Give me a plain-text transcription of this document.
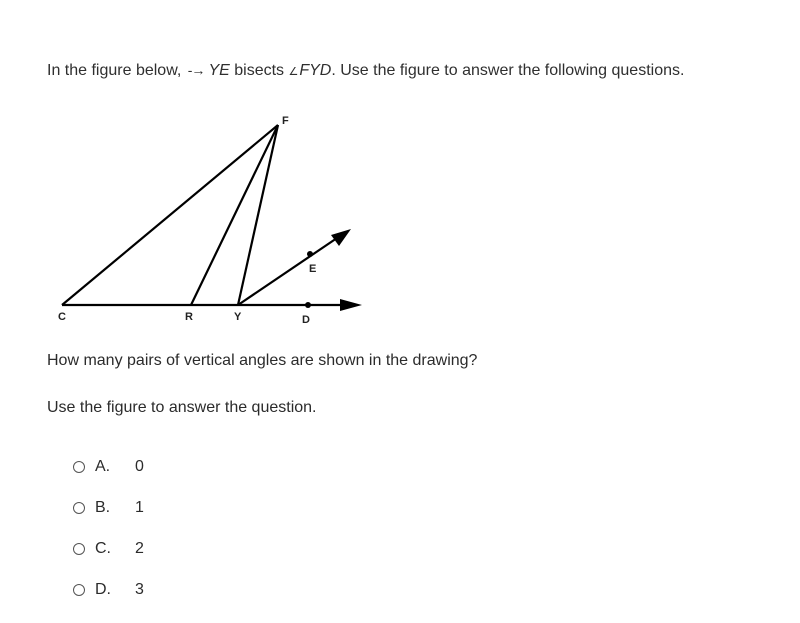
In the figure below, -→ YE bisects ∠FYD. Use the figure to answer the following questions.
F
E
C	R	Y	D
How many pairs of vertical angles are shown in the drawing?
Use the figure to answer the question.
A.	0
B.	1
C.	2
D.	3
